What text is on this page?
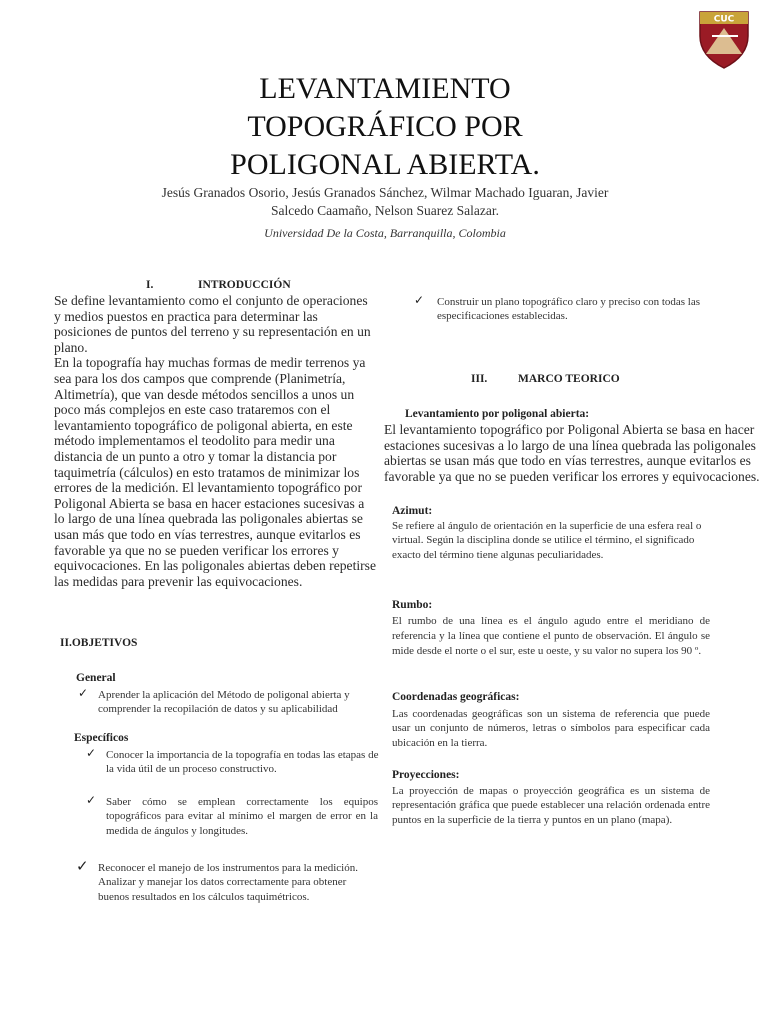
CUC
LEVANTAMIENTO
TOPOGRÁFICO POR
POLIGONAL ABIERTA.
Jesús Granados Osorio, Jesús Granados Sánchez, Wilmar Machado Iguaran, Javier
Salcedo Caamaño, Nelson Suarez Salazar.
Universidad De la Costa, Barranquilla, Colombia
I.	INTRODUCCIÓN

Se define levantamiento como el conjunto de operaciones y medios puestos en practica para determinar las posiciones de puntos del terreno y su representación en un plano.

En la topografía hay muchas formas de medir terrenos ya sea para los dos campos que comprende (Planimetría, Altimetría), que van desde métodos sencillos a unos un poco más complejos en este caso trataremos con el levantamiento topográfico de poligonal abierta, en este método implementamos el teodolito para medir una distancia de un punto a otro y tomar la distancia por taquimetría (cálculos) en esto tratamos de minimizar los errores de la medición. El levantamiento topográfico por Poligonal Abierta se basa en hacer estaciones sucesivas a lo largo de una línea quebrada las poligonales abiertas se usan más que todo en vías terrestres, aunque evitarlos es favorable ya que no se pueden verificar los errores y equivocaciones. En las poligonales abiertas deben repetirse las medidas para prevenir las equivocaciones.

II.OBJETIVOS
General
✓ Aprender la aplicación del Método de poligonal abierta y comprender la recopilación de datos y su aplicabilidad
Específicos
✓ Conocer la importancia de la topografía en todas las etapas de la vida útil de un proceso constructivo.
✓ Saber cómo se emplean correctamente los equipos topográficos para evitar al mínimo el margen de error en la medida de ángulos y longitudes.
✓ Reconocer el manejo de los instrumentos para la medición. Analizar y manejar los datos correctamente para obtener buenos resultados en los cálculos taquimétricos.
✓ Construir un plano topográfico claro y preciso con todas las especificaciones establecidas.
III.	MARCO TEORICO
Levantamiento por poligonal abierta:
El levantamiento topográfico por Poligonal Abierta se basa en hacer estaciones sucesivas a lo largo de una línea quebrada las poligonales abiertas se usan más que todo en vías terrestres, aunque evitarlos es favorable ya que no se pueden verificar los errores y equivocaciones.
Azimut:
Se refiere al ángulo de orientación en la superficie de una esfera real o virtual. Según la disciplina donde se utilice el término, el significado exacto del término tiene algunas peculiaridades.
Rumbo:
El rumbo de una línea es el ángulo agudo entre el meridiano de referencia y la línea que contiene el punto de observación. El ángulo se mide desde el norte o el sur, este u oeste, y su valor no supera los 90 º.
Coordenadas geográficas:
Las coordenadas geográficas son un sistema de referencia que puede usar un conjunto de números, letras o símbolos para especificar cada ubicación en la tierra.
Proyecciones:
La proyección de mapas o proyección geográfica es un sistema de representación gráfica que puede establecer una relación ordenada entre puntos en la superficie de la tierra y puntos en un plano (mapa).
